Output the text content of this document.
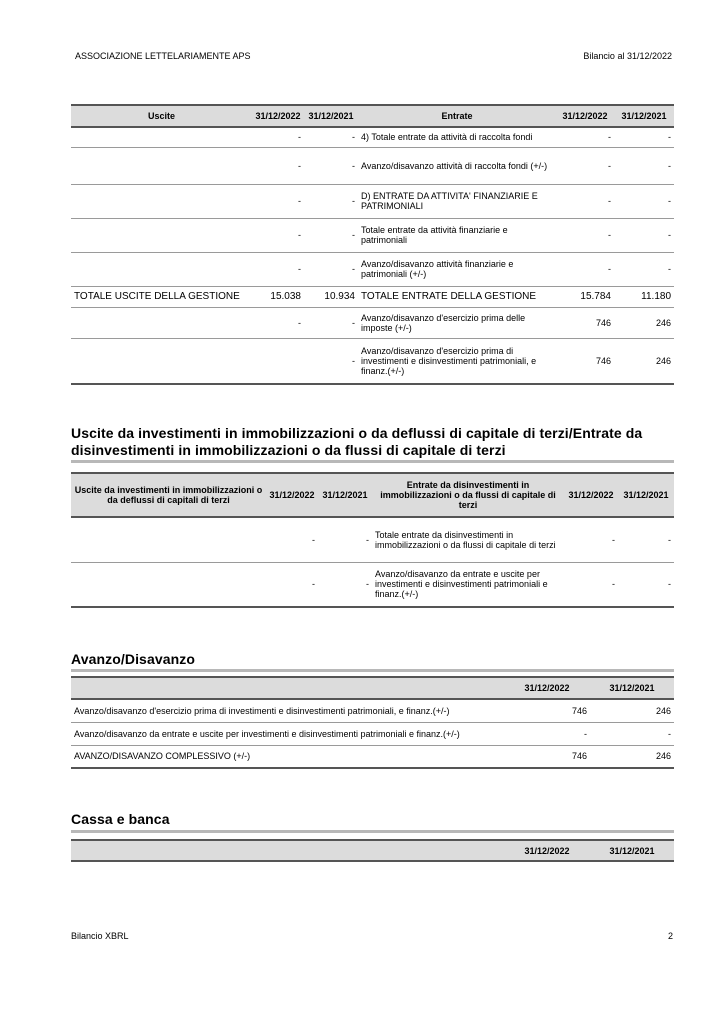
ASSOCIAZIONE LETTELARIAMENTE APS	Bilancio al 31/12/2022
Uscite	31/12/2022	31/12/2021	Entrate	31/12/2022	31/12/2021
	-	-	4) Totale entrate da attività di raccolta fondi	-	-
	-	-	Avanzo/disavanzo attività di raccolta fondi (+/-)	-	-
	-	-	D) ENTRATE DA ATTIVITA' FINANZIARIE E PATRIMONIALI	-	-
	-	-	Totale entrate da attività finanziarie e patrimoniali	-	-
	-	-	Avanzo/disavanzo attività finanziarie e patrimoniali (+/-)	-	-
TOTALE USCITE DELLA GESTIONE	15.038	10.934	TOTALE ENTRATE DELLA GESTIONE	15.784	11.180
	-	-	Avanzo/disavanzo d'esercizio prima delle imposte (+/-)	746	246
		-	Avanzo/disavanzo d'esercizio prima di investimenti e disinvestimenti patrimoniali, e finanz.(+/-)	746	246
Uscite da investimenti in immobilizzazioni o da deflussi di capitale di terzi/Entrate da disinvestimenti in immobilizzazioni o da flussi di capitale di terzi
Uscite da investimenti in immobilizzazioni o da deflussi di capitali di terzi	31/12/2022	31/12/2021	Entrate da disinvestimenti in immobilizzazioni o da flussi di capitale di terzi	31/12/2022	31/12/2021
	-	-	Totale entrate da disinvestimenti in immobilizzazioni o da flussi di capitale di terzi	-	-
	-	-	Avanzo/disavanzo da entrate e uscite per investimenti e disinvestimenti patrimoniali e finanz.(+/-)	-	-
Avanzo/Disavanzo
	31/12/2022	31/12/2021
Avanzo/disavanzo d'esercizio prima di investimenti e disinvestimenti patrimoniali, e finanz.(+/-)	746	246
Avanzo/disavanzo da entrate e uscite per investimenti e disinvestimenti patrimoniali e finanz.(+/-)	-	-
AVANZO/DISAVANZO COMPLESSIVO (+/-)	746	246
Cassa e banca
	31/12/2022	31/12/2021
Bilancio XBRL	2
